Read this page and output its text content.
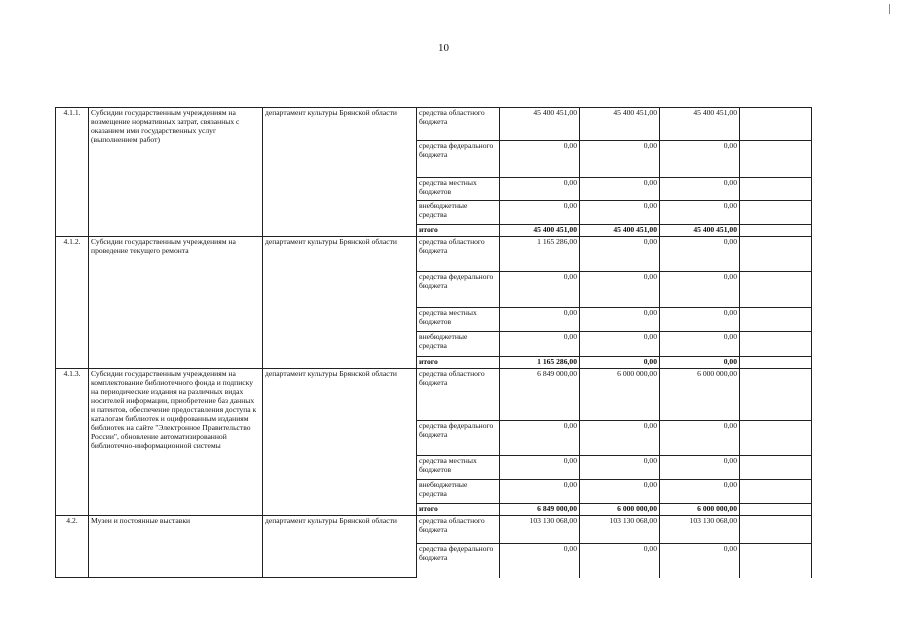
10
4.1.1.	Субсидии государственным учреждениям на возмещение нормативных затрат, связанных с оказанием ими государственных услуг (выполнением работ)	департамент культуры Брянской области	средства областного бюджета	45 400 451,00	45 400 451,00	45 400 451,00	
			средства федерального бюджета	0,00	0,00	0,00	
			средства местных бюджетов	0,00	0,00	0,00	
			внебюджетные средства	0,00	0,00	0,00	
			итого	45 400 451,00	45 400 451,00	45 400 451,00	
4.1.2.	Субсидии государственным учреждениям на проведение текущего ремонта	департамент культуры Брянской области	средства областного бюджета	1 165 286,00	0,00	0,00	
			средства федерального бюджета	0,00	0,00	0,00	
			средства местных бюджетов	0,00	0,00	0,00	
			внебюджетные средства	0,00	0,00	0,00	
			итого	1 165 286,00	0,00	0,00	
4.1.3.	Субсидии государственным учреждениям на комплектование библиотечного фонда и подписку на периодические издания на различных видах носителей информации, приобретение баз данных и патентов, обеспечение предоставления доступа к каталогам библиотек и оцифрованным изданиям библиотек на сайте "Электронное Правительство России", обновление автоматизированной библиотечно-информационной системы	департамент культуры Брянской области	средства областного бюджета	6 849 000,00	6 000 000,00	6 000 000,00	
			средства федерального бюджета	0,00	0,00	0,00	
			средства местных бюджетов	0,00	0,00	0,00	
			внебюджетные средства	0,00	0,00	0,00	
			итого	6 849 000,00	6 000 000,00	6 000 000,00	
4.2.	Музеи и постоянные выставки	департамент культуры Брянской области	средства областного бюджета	103 130 068,00	103 130 068,00	103 130 068,00	
			средства федерального бюджета	0,00	0,00	0,00	
